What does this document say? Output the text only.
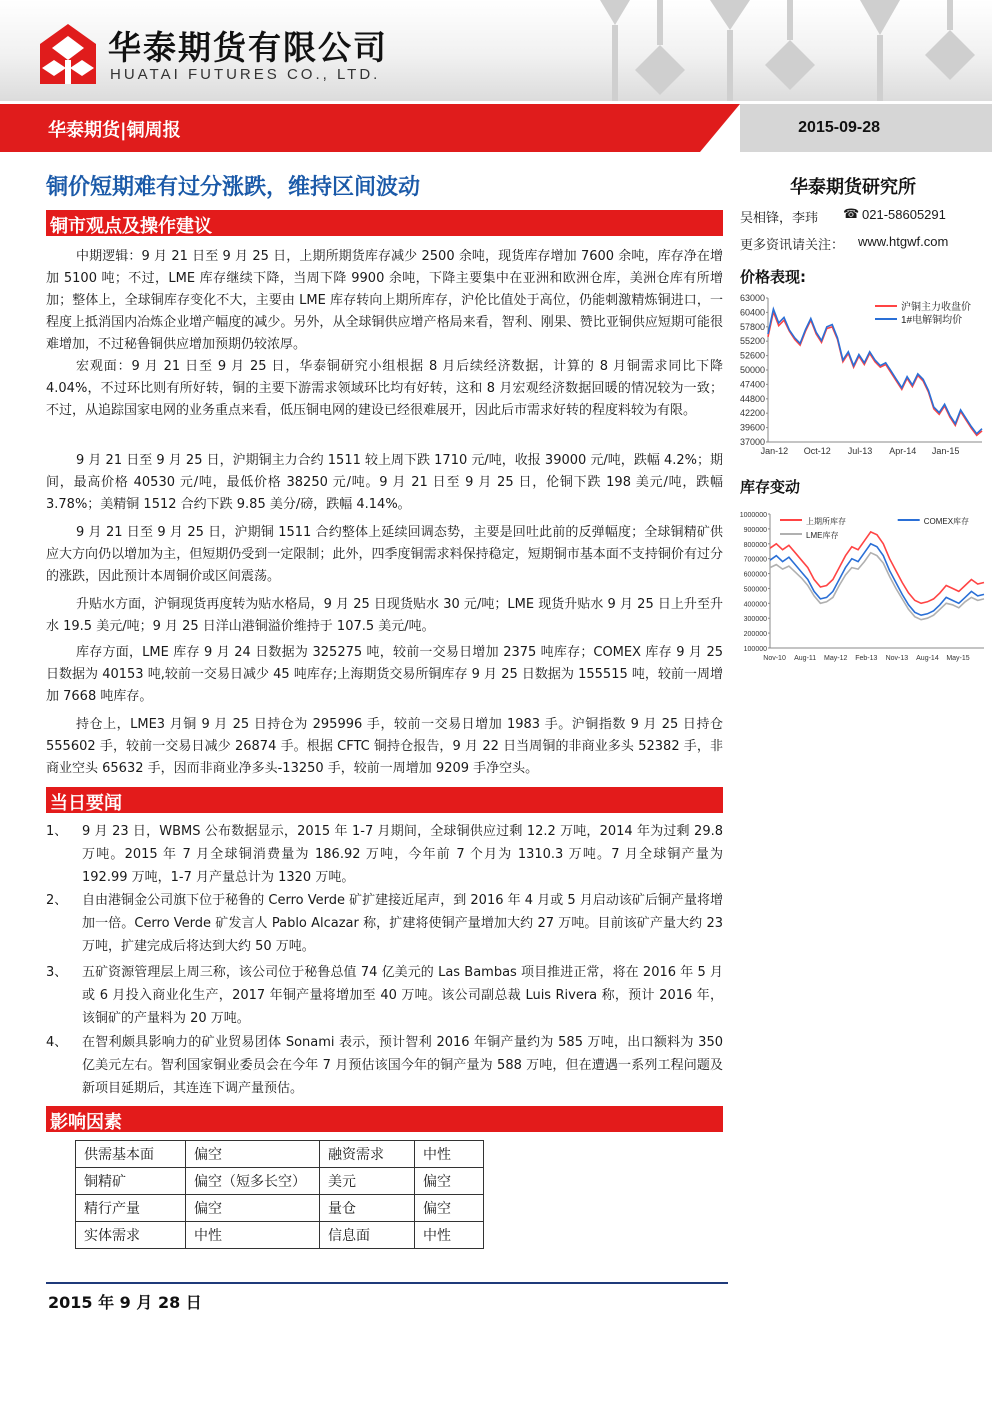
华泰期货有限公司
HUATAI FUTURES CO., LTD.
华泰期货|铜周报	2015-09-28
铜价短期难有过分涨跌，维持区间波动
铜市观点及操作建议

中期逻辑：9 月 21 日至 9 月 25 日，上期所期货库存减少 2500 余吨，现货库存增加 7600 余吨，库存净在增加 5100 吨；不过，LME 库存继续下降，当周下降 9900 余吨，下降主要集中在亚洲和欧洲仓库，美洲仓库有所增加；整体上，全球铜库存变化不大，主要由 LME 库存转向上期所库存，沪伦比值处于高位，仍能刺激精炼铜进口，一程度上抵消国内冶炼企业增产幅度的减少。另外，从全球铜供应增产格局来看，智利、刚果、赞比亚铜供应短期可能很难增加，不过秘鲁铜供应增加预期仍较浓厚。

宏观面：9 月 21 日至 9 月 25 日，华泰铜研究小组根据 8 月后续经济数据，计算的 8 月铜需求同比下降 4.04%，不过环比则有所好转，铜的主要下游需求领域环比均有好转，这和 8 月宏观经济数据回暖的情况较为一致；不过，从追踪国家电网的业务重点来看，低压铜电网的建设已经很难展开，因此后市需求好转的程度料较为有限。

9 月 21 日至 9 月 25 日，沪期铜主力合约 1511 较上周下跌 1710 元/吨，收报 39000 元/吨，跌幅 4.2%；期间，最高价格 40530 元/吨，最低价格 38250 元/吨。9 月 21 日至 9 月 25 日，伦铜下跌 198 美元/吨，跌幅 3.78%；美精铜 1512 合约下跌 9.85 美分/磅，跌幅 4.14%。

9 月 21 日至 9 月 25 日，沪期铜 1511 合约整体上延续回调态势，主要是回吐此前的反弹幅度；全球铜精矿供应大方向仍以增加为主，但短期仍受到一定限制；此外，四季度铜需求料保持稳定，短期铜市基本面不支持铜价有过分的涨跌，因此预计本周铜价或区间震荡。

升贴水方面，沪铜现货再度转为贴水格局，9 月 25 日现货贴水 30 元/吨；LME 现货升贴水 9 月 25 日上升至升水 19.5 美元/吨；9 月 25 日洋山港铜溢价维持于 107.5 美元/吨。

库存方面，LME 库存 9 月 24 日数据为 325275 吨，较前一交易日增加 2375 吨库存；COMEX 库存 9 月 25 日数据为 40153 吨,较前一交易日减少 45 吨库存;上海期货交易所铜库存 9 月 25 日数据为 155515 吨，较前一周增加 7668 吨库存。

持仓上，LME3 月铜 9 月 25 日持仓为 295996 手，较前一交易日增加 1983 手。沪铜指数 9 月 25 日持仓 555602 手，较前一交易日减少 26874 手。根据 CFTC 铜持仓报告，9 月 22 日当周铜的非商业多头 52382 手，非商业空头 65632 手，因而非商业净多头-13250 手，较前一周增加 9209 手净空头。

当日要闻
1、	9 月 23 日，WBMS 公布数据显示，2015 年 1-7 月期间，全球铜供应过剩 12.2 万吨，2014 年为过剩 29.8 万吨。2015 年 7 月全球铜消费量为 186.92 万吨，今年前 7 个月为 1310.3 万吨。7 月全球铜产量为 192.99 万吨，1-7 月产量总计为 1320 万吨。
2、	自由港铜金公司旗下位于秘鲁的 Cerro Verde 矿扩建接近尾声，到 2016 年 4 月或 5 月启动该矿后铜产量将增加一倍。Cerro Verde 矿发言人 Pablo Alcazar 称，扩建将使铜产量增加大约 27 万吨。目前该矿产量大约 23 万吨，扩建完成后将达到大约 50 万吨。
3、	五矿资源管理层上周三称，该公司位于秘鲁总值 74 亿美元的 Las Bambas 项目推进正常，将在 2016 年 5 月或 6 月投入商业化生产，2017 年铜产量将增加至 40 万吨。该公司副总裁 Luis Rivera 称，预计 2016 年，该铜矿的产量料为 20 万吨。
4、	在智利颇具影响力的矿业贸易团体 Sonami 表示，预计智利 2016 年铜产量约为 585 万吨，出口额料为 350 亿美元左右。智利国家铜业委员会在今年 7 月预估该国今年的铜产量为 588 万吨，但在遭遇一系列工程问题及新项目延期后，其连连下调产量预估。
影响因素
供需基本面	偏空	融资需求	中性
铜精矿	偏空（短多长空）	美元	偏空
精行产量	偏空	量仓	偏空
实体需求	中性	信息面	中性
2015 年 9 月 28 日
华泰期货研究所
吴相锋，李玮 ☎ 021-58605291
更多资讯请关注： www.htgwf.com
价格表现:
63000
60400
57800
55200
52600
50000
47400
44800
42200
39600
37000
Jan-12 Oct-12 Jul-13 Apr-14 Jan-15
沪铜主力收盘价
1#电解铜均价
库存变动
1000000
900000
800000
700000
600000
500000
400000
300000
200000
100000
Nov-10 Aug-11 May-12 Feb-13 Nov-13 Aug-14 May-15
上期所库存	COMEX库存
LME库存
